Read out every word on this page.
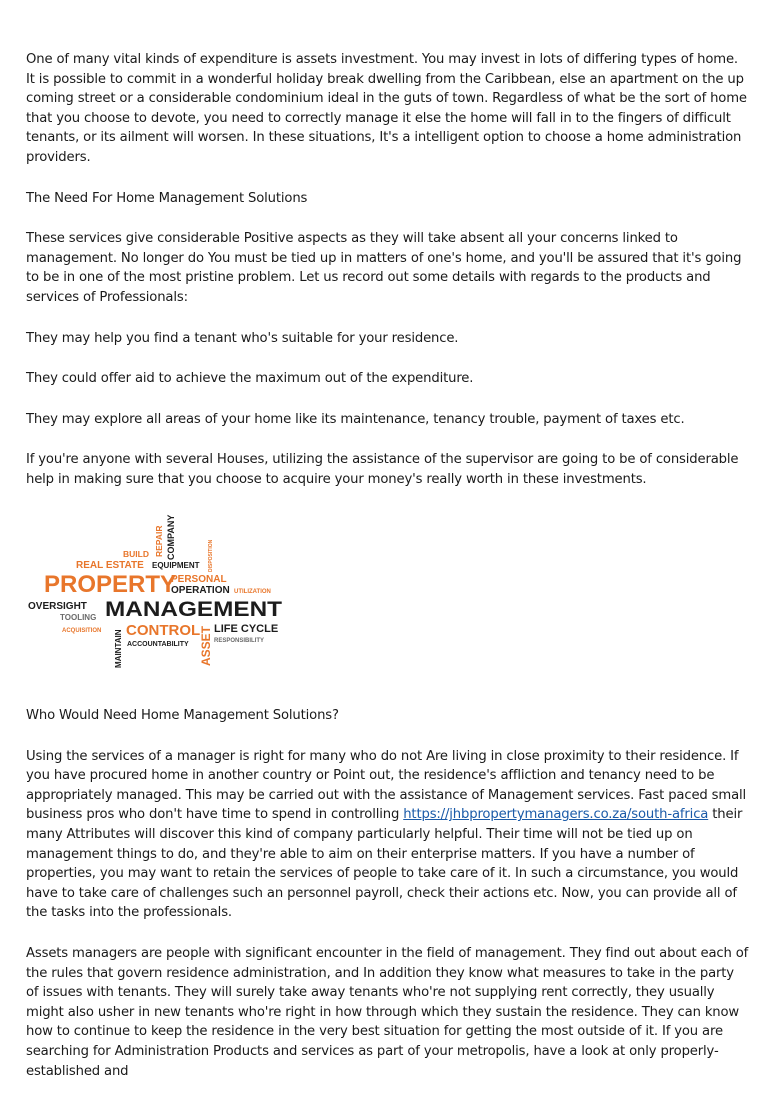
One of many vital kinds of expenditure is assets investment. You may invest in lots of differing types of home. It is possible to commit in a wonderful holiday break dwelling from the Caribbean, else an apartment on the up coming street or a considerable condominium ideal in the guts of town. Regardless of what be the sort of home that you choose to devote, you need to correctly manage it else the home will fall in to the fingers of difficult tenants, or its ailment will worsen. In these situations, It's a intelligent option to choose a home administration providers.

The Need For Home Management Solutions

These services give considerable Positive aspects as they will take absent all your concerns linked to management. No longer do You must be tied up in matters of one's home, and you'll be assured that it's going to be in one of the most pristine problem. Let us record out some details with regards to the products and services of Professionals:

They may help you find a tenant who's suitable for your residence.

They could offer aid to achieve the maximum out of the expenditure.

They may explore all areas of your home like its maintenance, tenancy trouble, payment of taxes etc.

If you're anyone with several Houses, utilizing the assistance of the supervisor are going to be of considerable help in making sure that you choose to acquire your money's really worth in these investments.

BUILD
REAL ESTATE EQUIPMENT
REPAIR COMPANY	DISPOSITION
PROPERTY
PERSONAL
OPERATION UTILIZATION
OVERSIGHT MANAGEMENT
TOOLING
ACQUISITION MAINTAIN CONTROL
ACCOUNTABILITY ASSET LIFE CYCLE
RESPONSIBILITY

Who Would Need Home Management Solutions?

Using the services of a manager is right for many who do not Are living in close proximity to their residence. If you have procured home in another country or Point out, the residence's affliction and tenancy need to be appropriately managed. This may be carried out with the assistance of Management services. Fast paced small business pros who don't have time to spend in controlling https://jhbpropertymanagers.co.za/south-africa their many Attributes will discover this kind of company particularly helpful. Their time will not be tied up on management things to do, and they're able to aim on their enterprise matters. If you have a number of properties, you may want to retain the services of people to take care of it. In such a circumstance, you would have to take care of challenges such an personnel payroll, check their actions etc. Now, you can provide all of the tasks into the professionals.

Assets managers are people with significant encounter in the field of management. They find out about each of the rules that govern residence administration, and In addition they know what measures to take in the party of issues with tenants. They will surely take away tenants who're not supplying rent correctly, they usually might also usher in new tenants who're right in how through which they sustain the residence. They can know how to continue to keep the residence in the very best situation for getting the most outside of it. If you are searching for Administration Products and services as part of your metropolis, have a look at only properly-established and
